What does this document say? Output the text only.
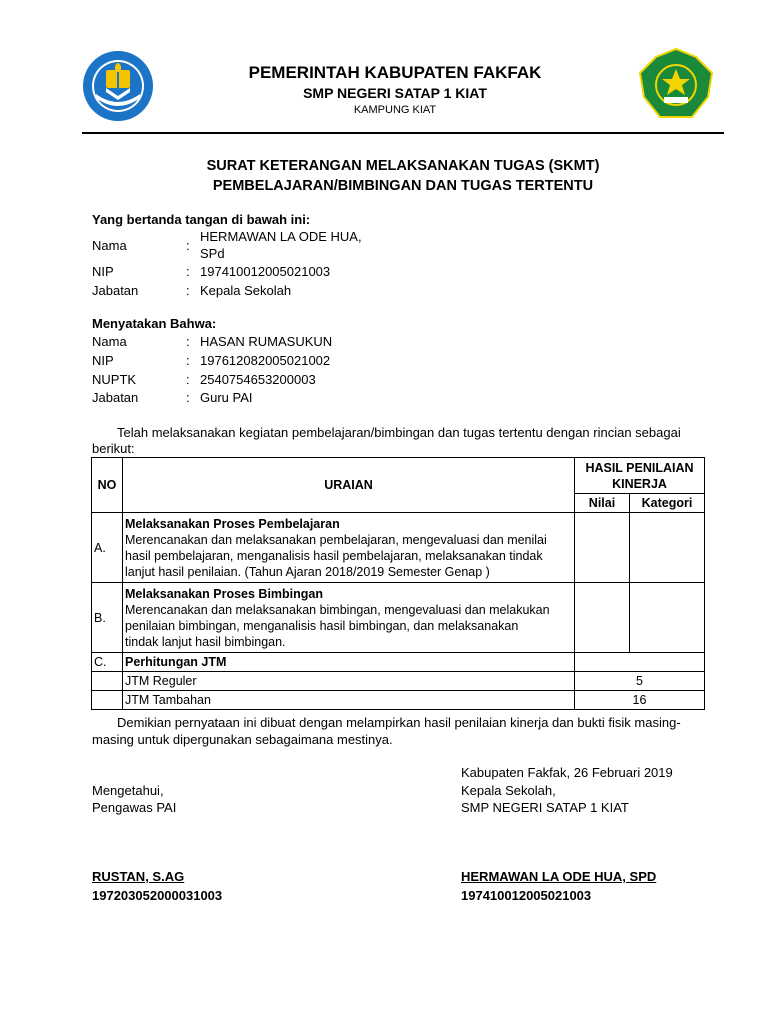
PEMERINTAH KABUPATEN FAKFAK
SMP NEGERI SATAP 1 KIAT
KAMPUNG KIAT
SURAT KETERANGAN MELAKSANAKAN TUGAS (SKMT)
PEMBELAJARAN/BIMBINGAN DAN TUGAS TERTENTU
Yang bertanda tangan di bawah ini:
Nama	:
HERMAWAN LA ODE HUA,
SPd
NIP	: 197410012005021003
Jabatan	: Kepala Sekolah
Menyatakan Bahwa:
Nama	: HASAN RUMASUKUN
NIP	: 197612082005021002
NUPTK	: 2540754653200003
Jabatan	: Guru PAI
Telah melaksanakan kegiatan pembelajaran/bimbingan dan tugas tertentu dengan rincian sebagai
berikut:
NO	URAIAN	HASIL PENILAIAN
KINERJA	

		Nilai	Kategori
A.	Melaksanakan Proses Pembelajaran
Merencanakan dan melaksanakan pembelajaran, mengevaluasi dan menilai
hasil pembelajaran, menganalisis hasil pembelajaran, melaksanakan tindak
lanjut hasil penilaian. (Tahun Ajaran 2018/2019 Semester Genap )		

B.	Melaksanakan Proses Bimbingan
Merencanakan dan melaksanakan bimbingan, mengevaluasi dan melakukan
penilaian bimbingan, menganalisis hasil bimbingan, dan melaksanakan
tindak lanjut hasil bimbingan.		

C.	Perhitungan JTM		
	JTM Reguler	5	
	JTM Tambahan	16	
Demikian pernyataan ini dibuat dengan melampirkan hasil penilaian kinerja dan bukti fisik masing-
masing untuk dipergunakan sebagaimana mestinya.
Kabupaten Fakfak, 26 Februari 2019
Mengetahui,
Pengawas PAI
RUSTAN, S.AG
197203052000031003
Kepala Sekolah,
SMP NEGERI SATAP 1 KIAT
HERMAWAN LA ODE HUA, SPD
197410012005021003
